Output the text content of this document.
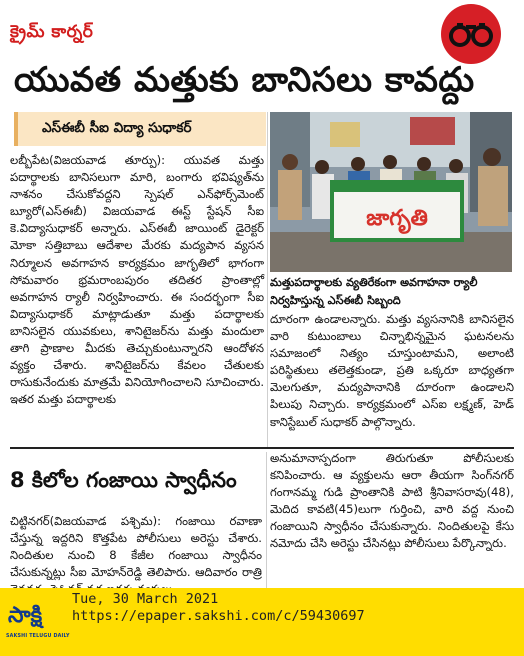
క్రైమ్ కార్నర్
యువత మత్తుకు బానిసలు కావద్దు
ఎస్‌ఈబీ సీఐ విద్యా సుధాకర్
లబ్బీపేట(విజయవాడ తూర్పు): యువత మత్తు పదార్థాలకు బానిసలుగా మారి, బంగారు భవిష్యత్‌ను నాశనం చేసుకోవద్దని స్పెషల్ ఎన్‌ఫోర్స్‌మెంట్ బ్యూరో(ఎస్‌ఈబీ) విజయవాడ ఈస్ట్ స్టేషన్ సీఐ కె.విద్యాసుధాకర్ అన్నారు. ఎస్‌ఈబీ జాయింట్ డైరెక్టర్ మోకా సత్తిబాబు ఆదేశాల మేరకు మద్యపాన వ్యసన నిర్మూలన అవగాహన కార్యక్రమం జాగృతిలో భాగంగా సోమవారం భ్రమరాంబపురం తదితర ప్రాంతాల్లో అవగాహన ర్యాలీ నిర్వహించారు. ఈ సందర్భంగా సీఐ విద్యాసుధాకర్ మాట్లాడుతూ మత్తు పదార్థాలకు బానిసలైన యువకులు, శానిటైజర్‌ను మత్తు మందులా తాగి ప్రాణాల మీదకు తెచ్చుకుంటున్నారని ఆందోళన వ్యక్తం చేశారు. శానిటైజర్‌ను కేవలం చేతులకు రాసుకునేందుకు మాత్రమే వినియోగించాలని సూచించారు. ఇతర మత్తు పదార్థాలకు
జాగృతి
మత్తుపదార్థాలకు వ్యతిరేకంగా అవగాహనా ర్యాలీ నిర్వహిస్తున్న ఎస్‌ఈబీ సిబ్బంది
దూరంగా ఉండాలన్నారు. మత్తు వ్యసనానికి బానిసలైన వారి కుటుంబాలు చిన్నాభిన్నమైన ఘటనలను సమాజంలో నిత్యం చూస్తుంటామని, అలాంటి పరిస్థితులు తలెత్తకుండా, ప్రతి ఒక్కరూ బాధ్యతగా మెలగుతూ, మద్యపానానికి దూరంగా ఉండాలని పిలుపు నిచ్చారు. కార్యక్రమంలో ఎస్ఐ లక్ష్మణ్, హెడ్ కానిస్టేబుల్ సుధాకర్ పాల్గొన్నారు.
8 కిలోల గంజాయి స్వాధీనం
చిట్టినగర్(విజయవాడ పశ్చిమ): గంజాయి రవాణా చేస్తున్న ఇద్దరిని కొత్తపేట పోలీసులు అరెస్టు చేశారు. నిందితుల నుంచి 8 కేజీల గంజాయి స్వాధీనం చేసుకున్నట్లు సీఐ మోహన్‌రెడ్డి తెలిపారు. ఆదివారం రాత్రి
అనుమానాస్పదంగా తిరుగుతూ పోలీసులకు కనిపించారు. ఆ వ్యక్తులను ఆరా తీయగా సింగ్‌నగర్ గంగానమ్మ గుడి ప్రాంతానికి పాటి శ్రీనివాసరావు(48), మెదిద కావటి(45)లుగా గుర్తించి, వారి వద్ద నుంచి గంజాయిని స్వాధీనం చేసుకున్నారు. నిందితులపై కేసు నమోదు చేసి అరెస్టు చేసినట్లు పోలీసులు పేర్కొన్నారు.
సాక్షి
SAKSHI TELUGU DAILY
Tue, 30 March 2021
https://epaper.sakshi.com/c/59430697
